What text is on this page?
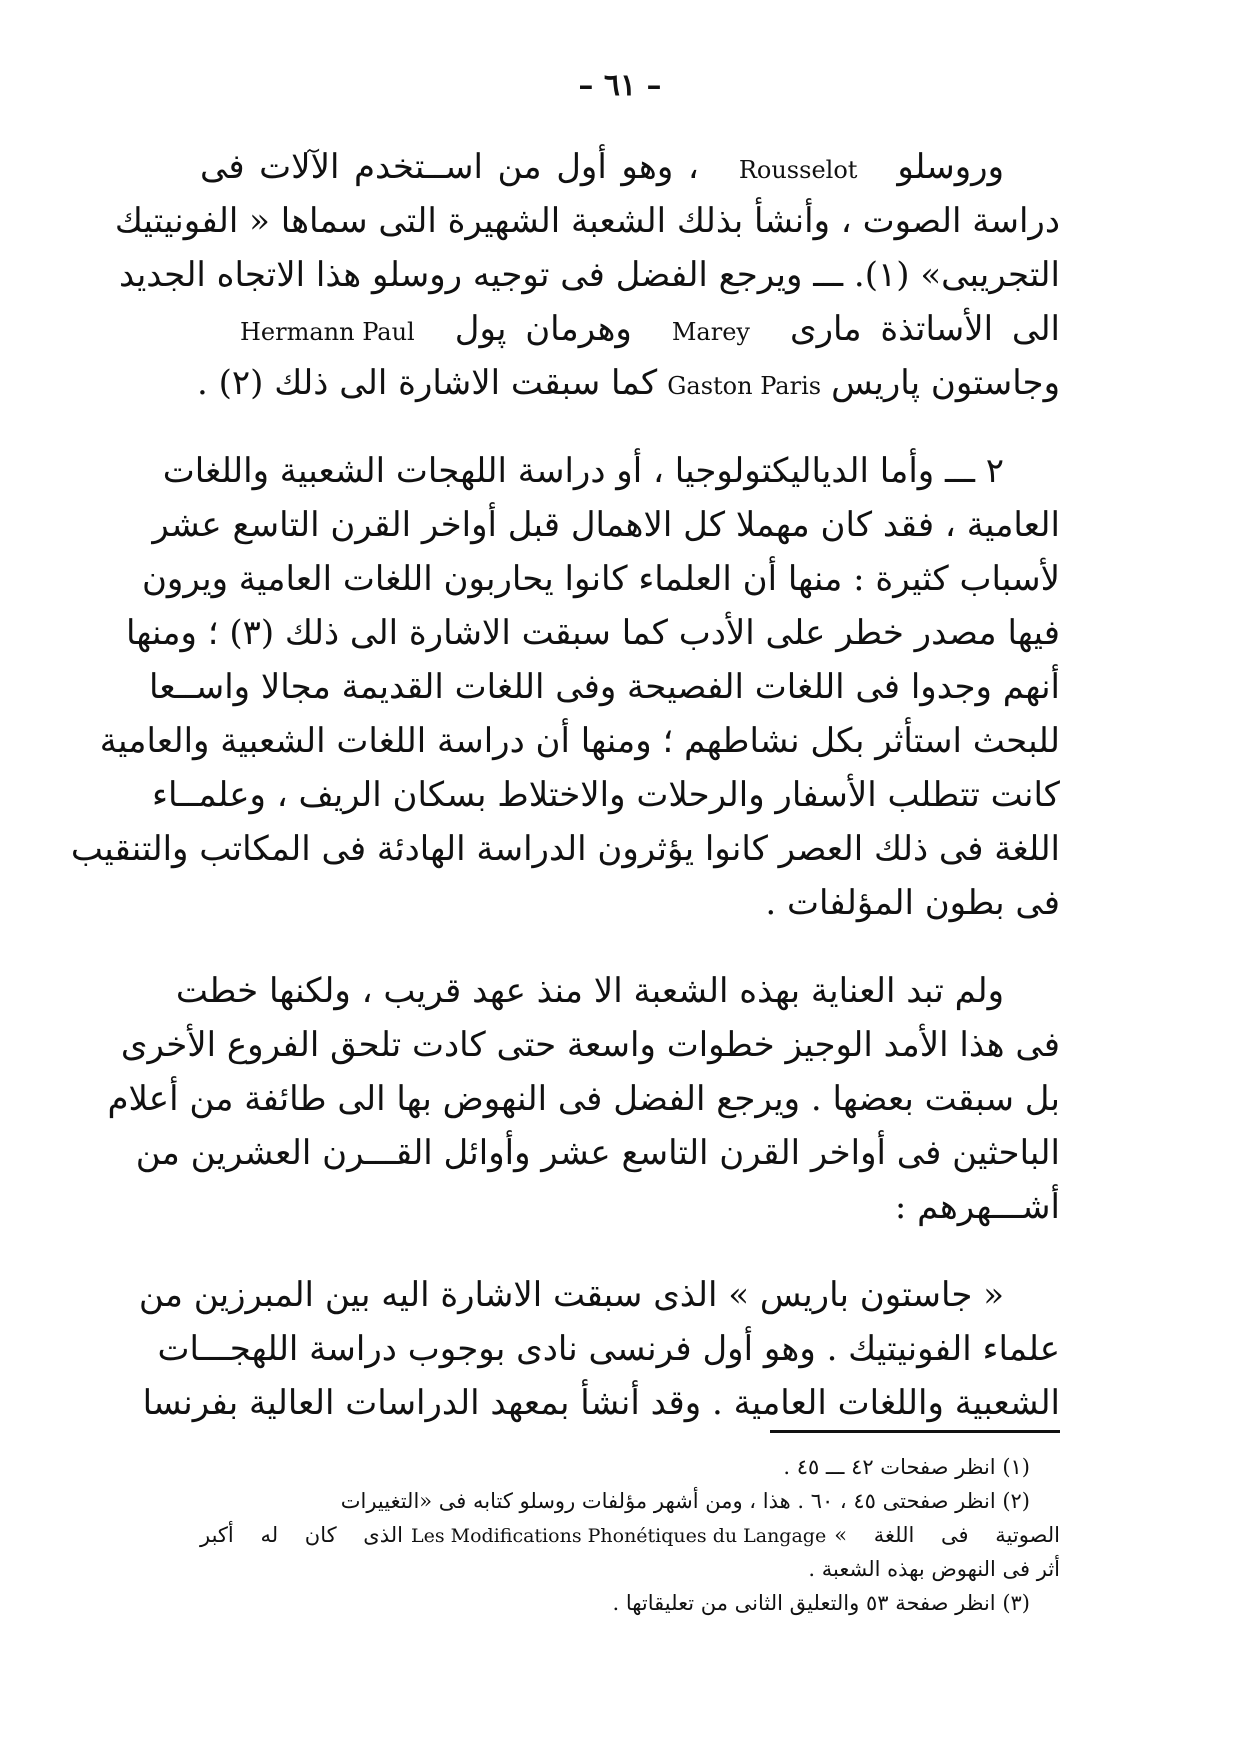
– ٦١ –
وروسلوRousselot، وهو أول من اســتخدم الآلات فى
دراسة الصوت ، وأنشأ بذلك الشعبة الشهيرة التى سماها « الفونيتيك
التجريبى» (١). ـــ ويرجع الفضل فى توجيه روسلو هذا الاتجاه الجديد
الى الأساتذة مارىMareyوهرمان پولHermann Paul
وجاستون پاريسGaston Parisكما سبقت الاشارة الى ذلك (٢) .
٢ ـــ وأما الدياليكتولوجيا ، أو دراسة اللهجات الشعبية واللغات
العامية ، فقد كان مهملا كل الاهمال قبل أواخر القرن التاسع عشر
لأسباب كثيرة : منها أن العلماء كانوا يحاربون اللغات العامية ويرون
فيها مصدر خطر على الأدب كما سبقت الاشارة الى ذلك (٣) ؛ ومنها
أنهم وجدوا فى اللغات الفصيحة وفى اللغات القديمة مجالا واســعا
للبحث استأثر بكل نشاطهم ؛ ومنها أن دراسة اللغات الشعبية والعامية
كانت تتطلب الأسفار والرحلات والاختلاط بسكان الريف ، وعلمــاء
اللغة فى ذلك العصر كانوا يؤثرون الدراسة الهادئة فى المكاتب والتنقيب
فى بطون المؤلفات .
ولم تبد العناية بهذه الشعبة الا منذ عهد قريب ، ولكنها خطت
فى هذا الأمد الوجيز خطوات واسعة حتى كادت تلحق الفروع الأخرى
بل سبقت بعضها . ويرجع الفضل فى النهوض بها الى طائفة من أعلام
الباحثين فى أواخر القرن التاسع عشر وأوائل القـــرن العشرين من
أشـــهرهم :
« جاستون باريس » الذى سبقت الاشارة اليه بين المبرزين من
علماء الفونيتيك . وهو أول فرنسى نادى بوجوب دراسة اللهجـــات
الشعبية واللغات العامية . وقد أنشأ بمعهد الدراسات العالية بفرنسا
(١) انظر صفحات ٤٢ ـــ ٤٥ .
(٢) انظر صفحتى ٤٥ ، ٦٠ . هذا ، ومن أشهر مؤلفات روسلو كتابه فى «التغييرات
الصوتية فى اللغة »Les Modifications Phonétiques du Langageالذى كان له أكبر
أثر فى النهوض بهذه الشعبة .
(٣) انظر صفحة ٥٣ والتعليق الثانى من تعليقاتها .
